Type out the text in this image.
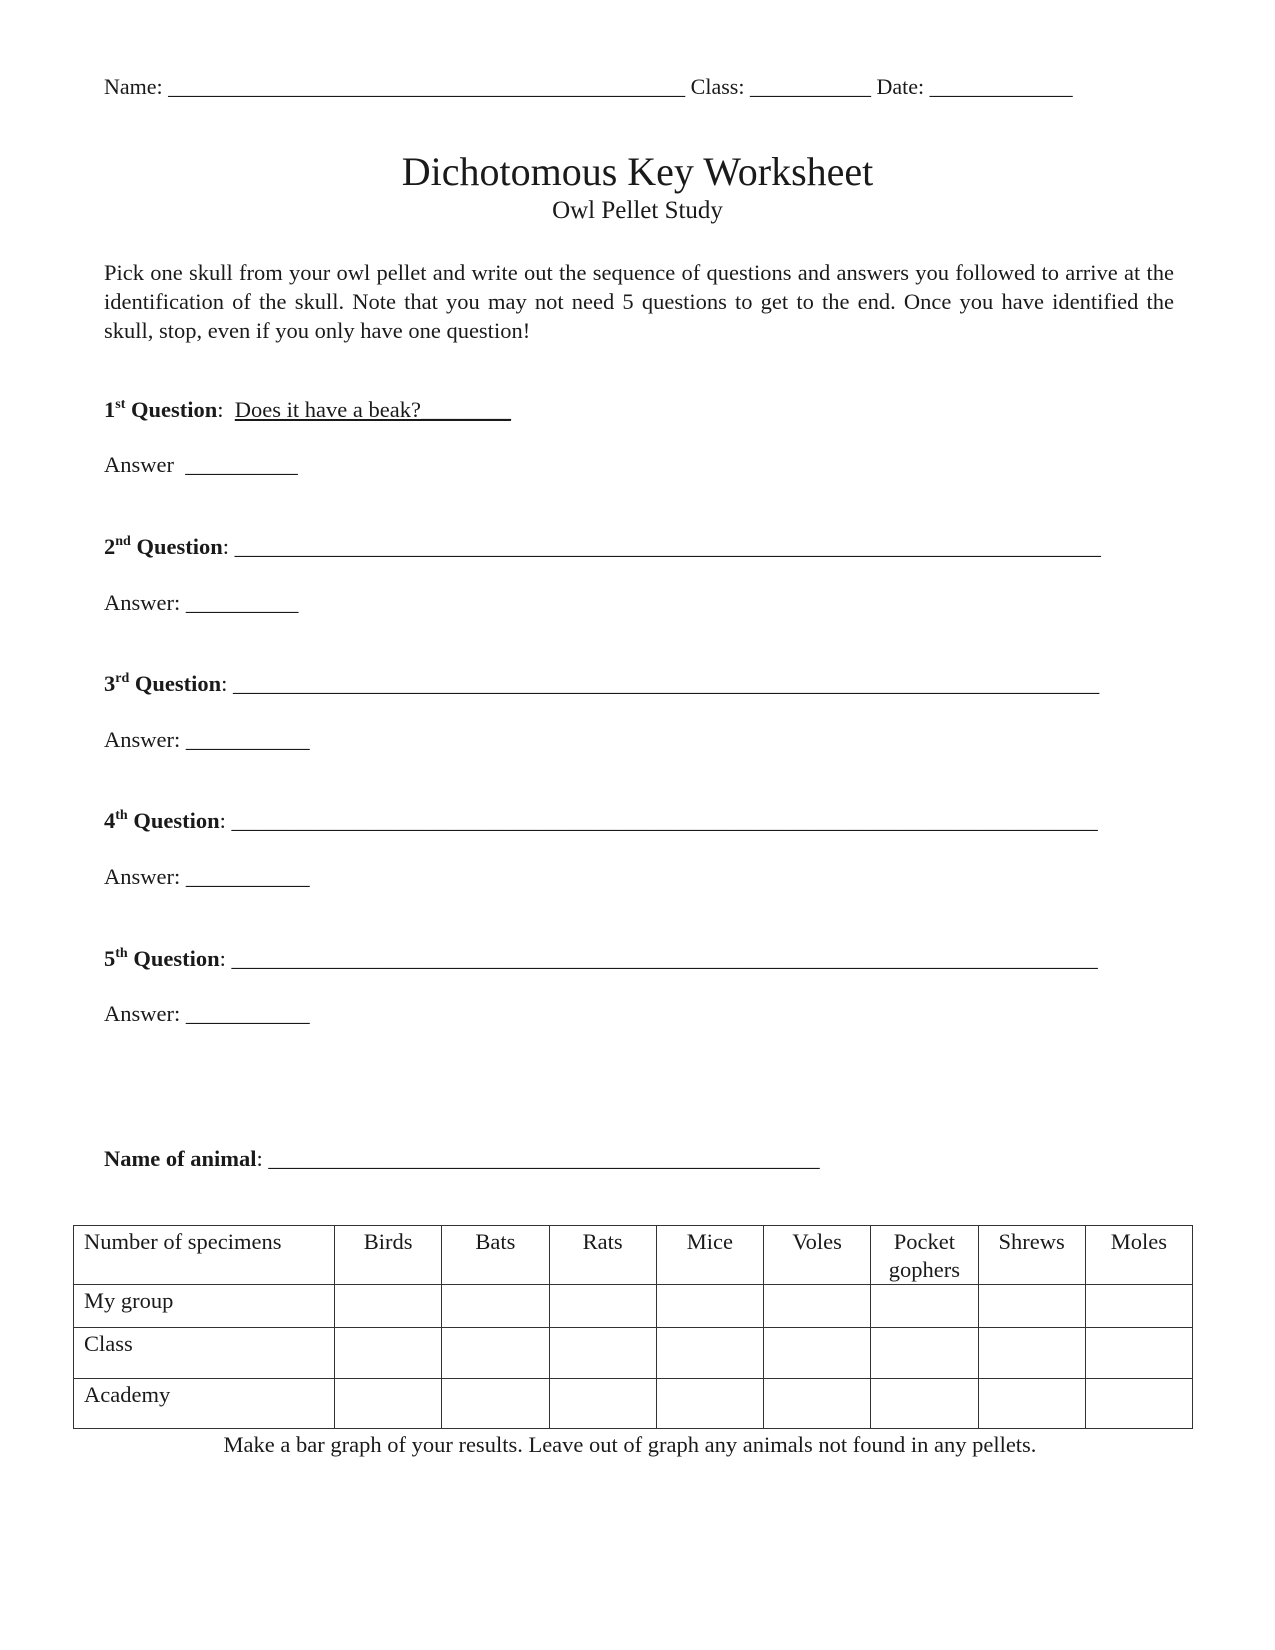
Name: _______________________________________________ Class: ___________ Date: _____________
Dichotomous Key Worksheet
Owl Pellet Study
Pick one skull from your owl pellet and write out the sequence of questions and answers you followed to arrive at the identification of the skull. Note that you may not need 5 questions to get to the end. Once you have identified the skull, stop, even if you only have one question!
1st Question:  Does it have a beak?________
Answer __________
2nd Question: _____________________________________________________________________________
Answer: __________
3rd Question: _____________________________________________________________________________
Answer: ___________
4th Question: _____________________________________________________________________________
Answer: ___________
5th Question: _____________________________________________________________________________
Answer: ___________
Name of animal: _________________________________________________
Number of specimens	Birds	Bats	Rats	Mice	Voles	Pocket gophers	Shrews	Moles
My group								
Class								
Academy								
Make a bar graph of your results. Leave out of graph any animals not found in any pellets.
